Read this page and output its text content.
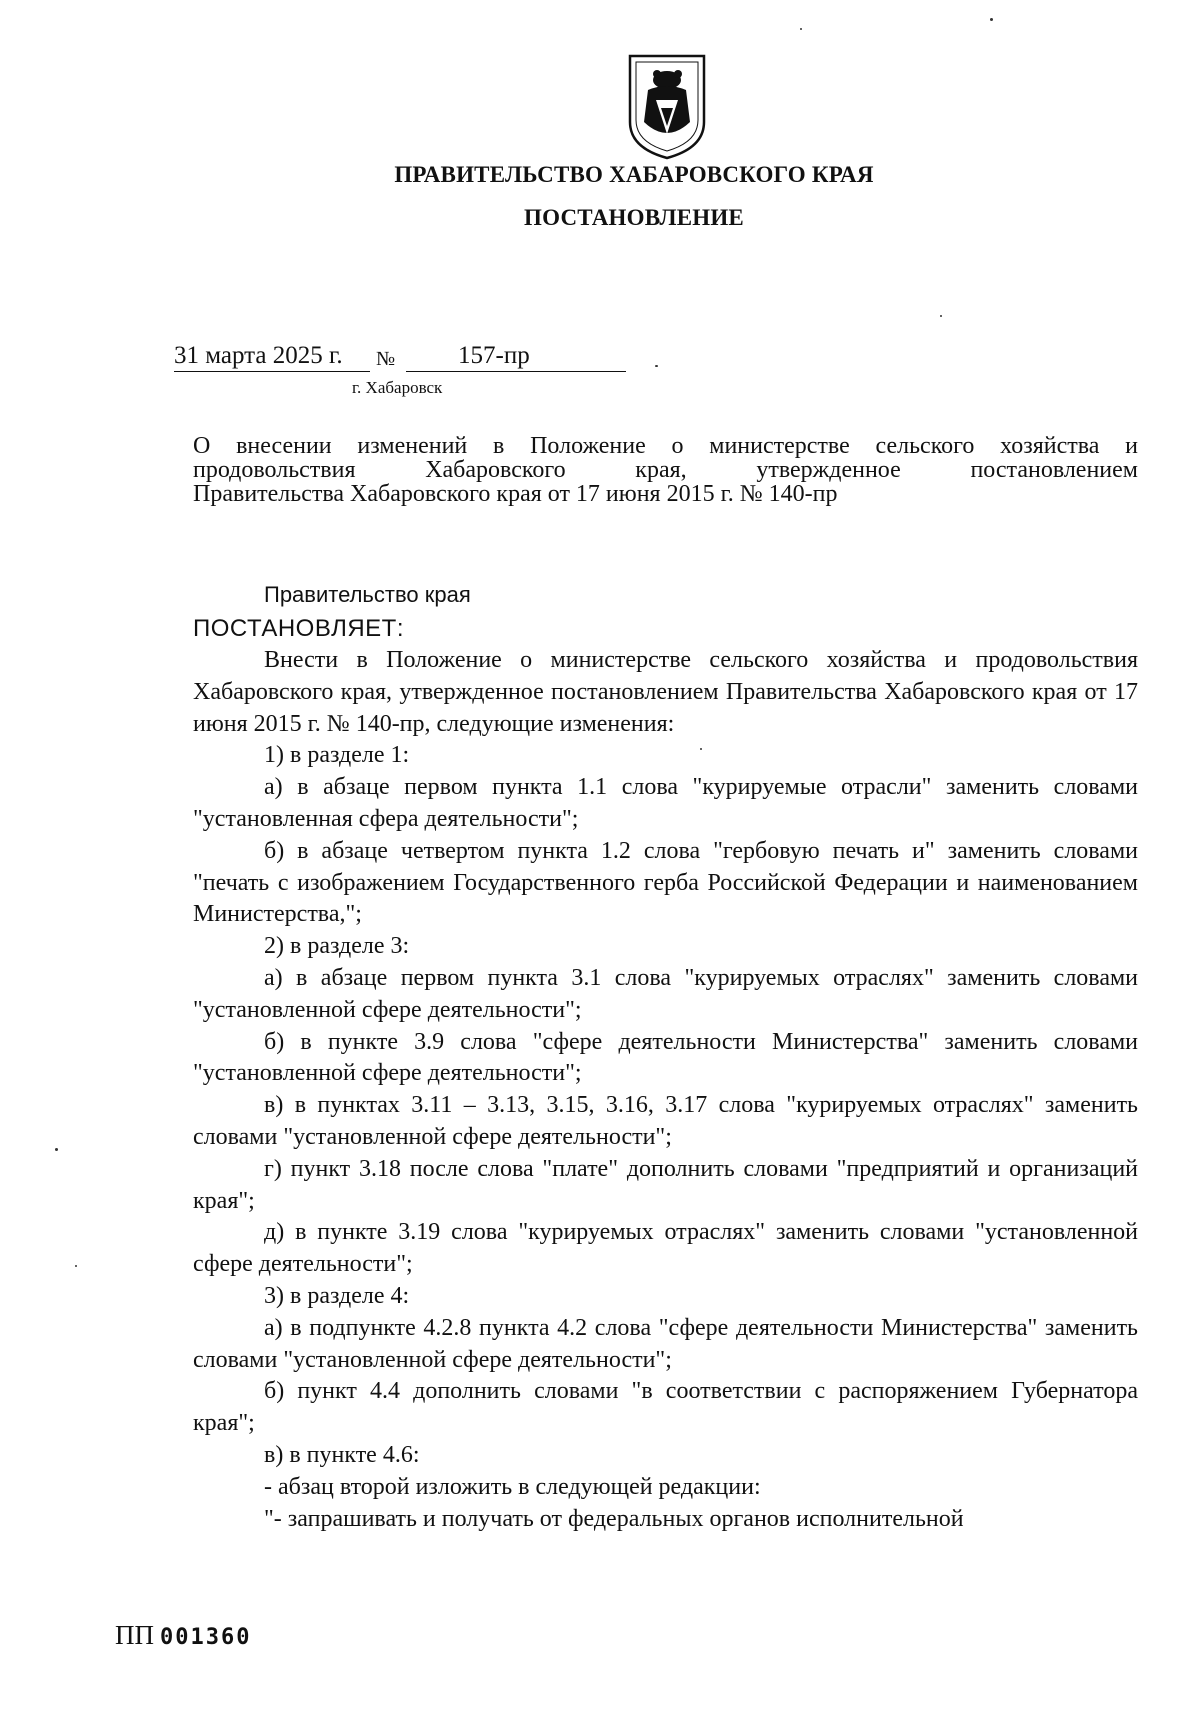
ПРАВИТЕЛЬСТВО ХАБАРОВСКОГО КРАЯ
ПОСТАНОВЛЕНИЕ
31 марта 2025 г.	№	157-пр
г. Хабаровск

О внесении изменений в Положение о министерстве сельского хозяйства и

продовольствия Хабаровского края, утвержденное постановлением

Правительства Хабаровского края от 17 июня 2015 г. № 140-пр

Правительство края
ПОСТАНОВЛЯЕТ:

Внести в Положение о министерстве сельского хозяйства и продовольствия Хабаровского края, утвержденное постановлением Правительства Хабаровского края от 17 июня 2015 г. № 140-пр, следующие изменения:

1) в разделе 1:

а) в абзаце первом пункта 1.1 слова "курируемые отрасли" заменить словами "установленная сфера деятельности";

б) в абзаце четвертом пункта 1.2 слова "гербовую печать и" заменить словами "печать с изображением Государственного герба Российской Федерации и наименованием Министерства,";

2) в разделе 3:

а) в абзаце первом пункта 3.1 слова "курируемых отраслях" заменить словами "установленной сфере деятельности";

б) в пункте 3.9 слова "сфере деятельности Министерства" заменить словами "установленной сфере деятельности";

в) в пунктах 3.11 – 3.13, 3.15, 3.16, 3.17 слова "курируемых отраслях" заменить словами "установленной сфере деятельности";

г) пункт 3.18 после слова "плате" дополнить словами "предприятий и организаций края";

д) в пункте 3.19 слова "курируемых отраслях" заменить словами "установленной сфере деятельности";

3) в разделе 4:

а) в подпункте 4.2.8 пункта 4.2 слова "сфере деятельности Министерства" заменить словами "установленной сфере деятельности";

б) пункт 4.4 дополнить словами "в соответствии с распоряжением Губернатора края";

в) в пункте 4.6:

- абзац второй изложить в следующей редакции:

"- запрашивать и получать от федеральных органов исполнительной

ПП 001360
